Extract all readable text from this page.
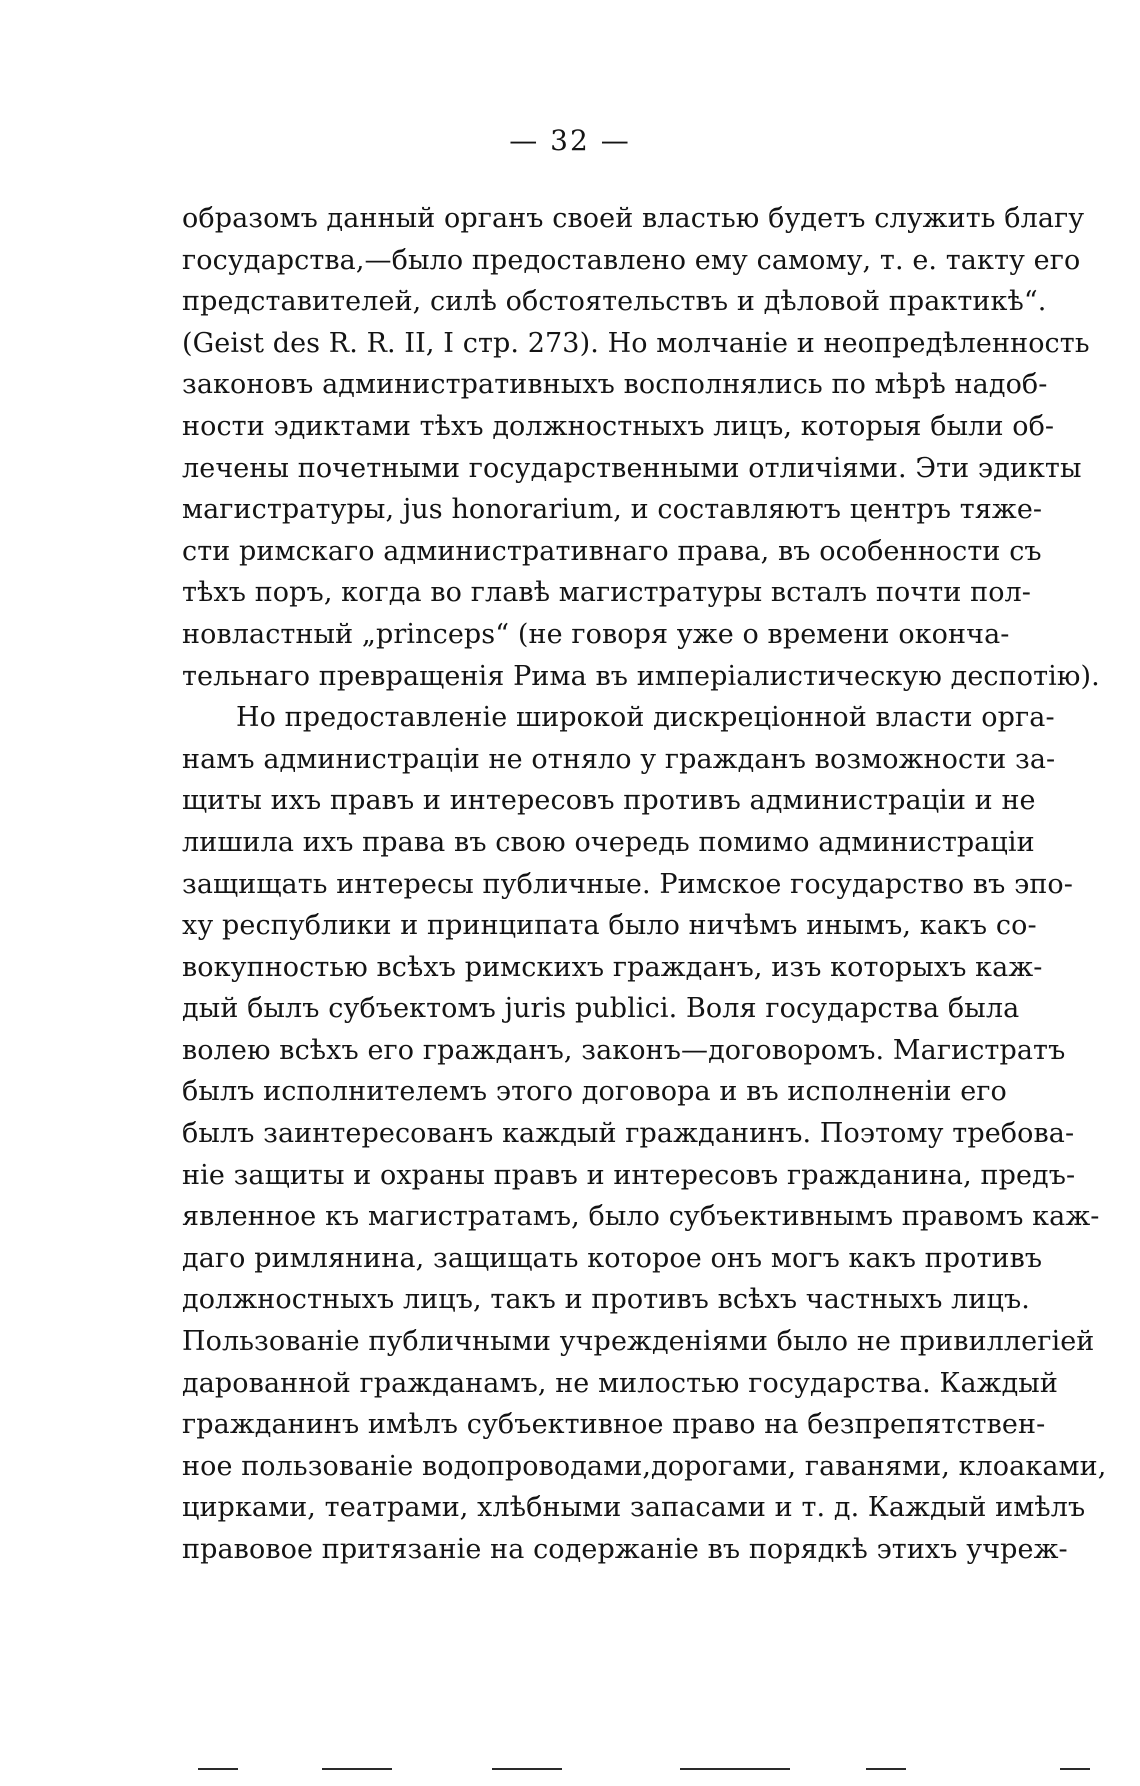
— 32 —
образомъ данный органъ своей властью будетъ служить благу
государства,—было предоставлено ему самому, т. е. такту его
представителей, силѣ обстоятельствъ и дѣловой практикѣ“.
(Geist des R. R. II, I стр. 273). Но молчаніе и неопредѣленность
законовъ административныхъ восполнялись по мѣрѣ надоб-
ности эдиктами тѣхъ должностныхъ лицъ, которыя были об-
лечены почетными государственными отличіями. Эти эдикты
магистратуры, jus honorarium, и составляютъ центръ тяже-
сти римскаго административнаго права, въ особенности съ
тѣхъ поръ, когда во главѣ магистратуры всталъ почти пол-
новластный „princeps“ (не говоря уже о времени оконча-
тельнаго превращенія Рима въ имперіалистическую деспотію).
Но предоставленіе широкой дискреціонной власти орга-
намъ администраціи не отняло у гражданъ возможности за-
щиты ихъ правъ и интересовъ противъ администраціи и не
лишила ихъ права въ свою очередь помимо администраціи
защищать интересы публичные. Римское государство въ эпо-
ху республики и принципата было ничѣмъ инымъ, какъ со-
вокупностью всѣхъ римскихъ гражданъ, изъ которыхъ каж-
дый былъ субъектомъ juris publici. Воля государства была
волею всѣхъ его гражданъ, законъ—договоромъ. Магистратъ
былъ исполнителемъ этого договора и въ исполненіи его
былъ заинтересованъ каждый гражданинъ. Поэтому требова-
ніе защиты и охраны правъ и интересовъ гражданина, предъ-
явленное къ магистратамъ, было субъективнымъ правомъ каж-
даго римлянина, защищать которое онъ могъ какъ противъ
должностныхъ лицъ, такъ и противъ всѣхъ частныхъ лицъ.
Пользованіе публичными учрежденіями было не привиллегіей
дарованной гражданамъ, не милостью государства. Каждый
гражданинъ имѣлъ субъективное право на безпрепятствен-
ное пользованіе водопроводами,дорогами, гаванями, клоаками,
цирками, театрами, хлѣбными запасами и т. д. Каждый имѣлъ
правовое притязаніе на содержаніе въ порядкѣ этихъ учреж-
